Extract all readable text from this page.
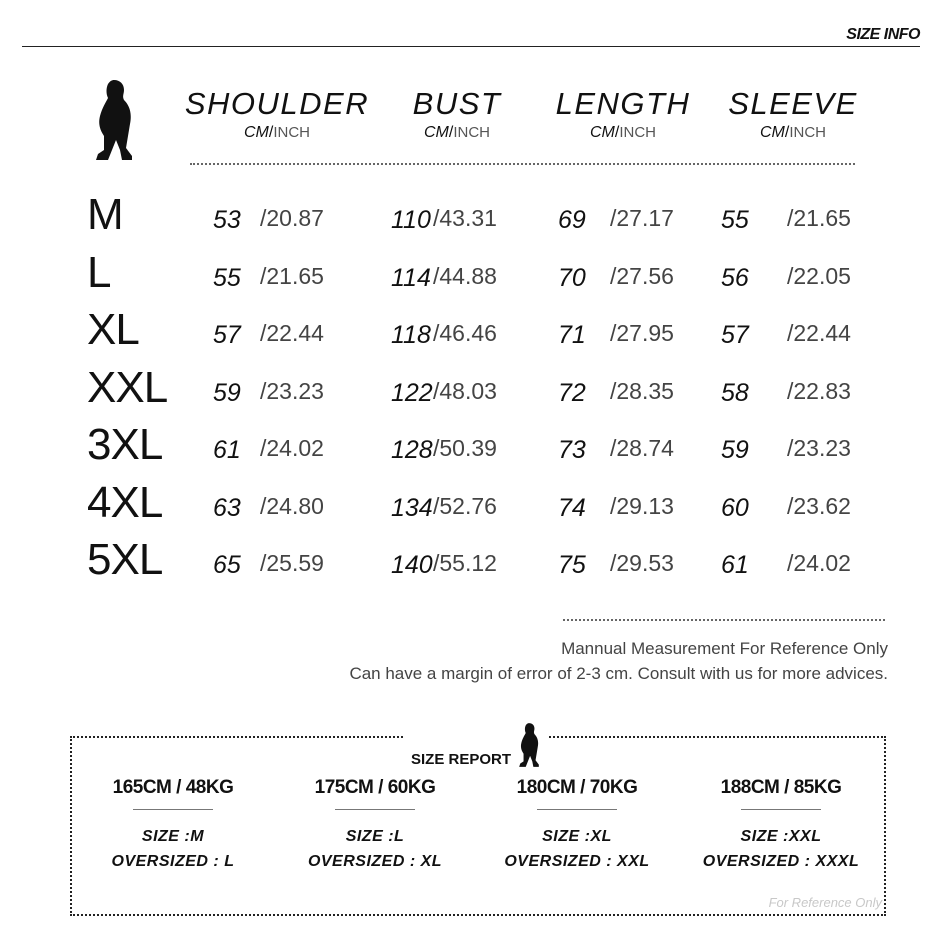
SIZE INFO
SHOULDER
CM/INCH
BUST
CM/INCH
LENGTH
CM/INCH
SLEEVE
CM/INCH
M	53 /20.87	110 /43.31 69 /27.17 55 /21.65
L	55 /21.65	114 /44.88 70 /27.56 56 /22.05
XL	57 /22.44	118 /46.46 71 /27.95 57 /22.44
XXL 59 /23.23	122 /48.03 72 /28.35 58 /22.83
3XL 61 /24.02	128 /50.39 73 /28.74 59 /23.23
4XL 63 /24.80	134 /52.76 74 /29.13 60 /23.62
5XL 65 /25.59	140 /55.12 75 /29.53 61 /24.02
Mannual Measurement For Reference Only
Can have a margin of error of 2-3 cm. Consult with us for more advices.
SIZE REPORT
165CM / 48KG
SIZE :M
OVERSIZED : L
175CM / 60KG
SIZE :L
OVERSIZED : XL
180CM / 70KG
SIZE :XL
OVERSIZED : XXL
188CM / 85KG
SIZE :XXL
OVERSIZED : XXXL
For Reference Only
